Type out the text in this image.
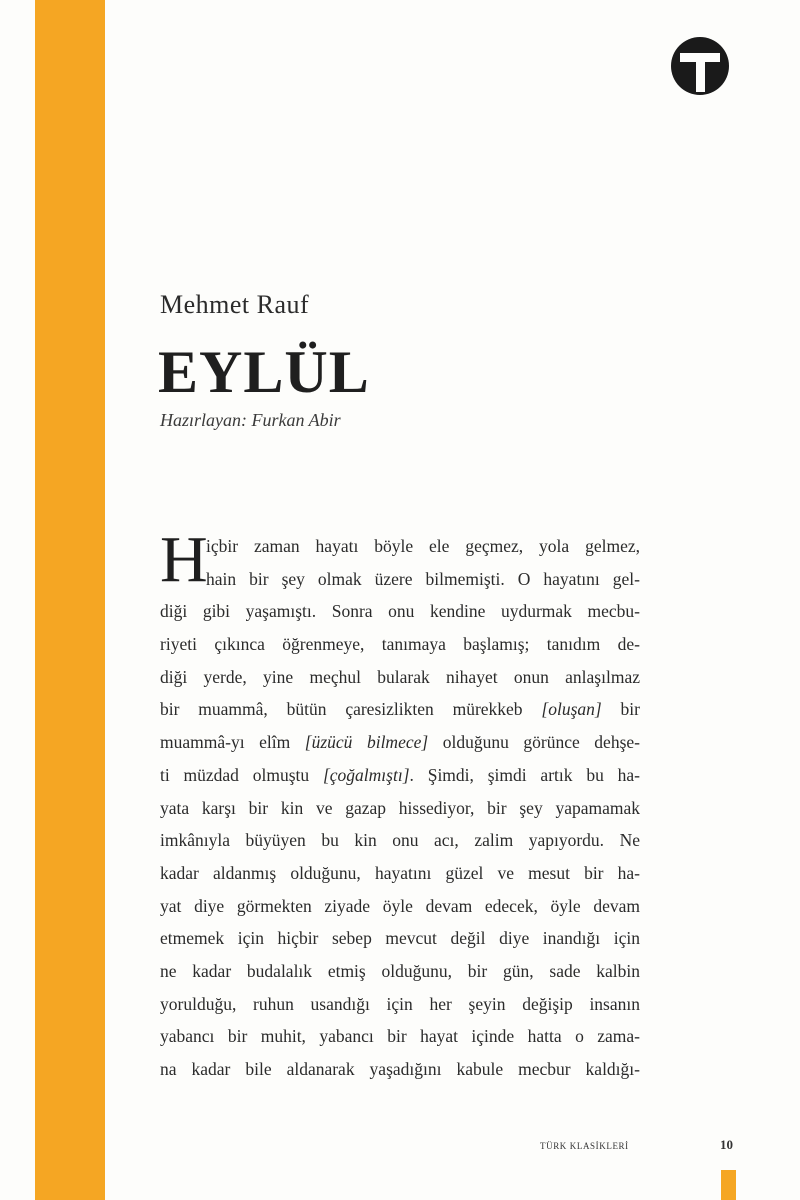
Mehmet Rauf
EYLÜL
Hazırlayan: Furkan Abir
H
içbir zaman hayatı böyle ele geçmez, yola gelmez,
hain bir şey olmak üzere bilmemişti. O hayatını gel-
diği gibi yaşamıştı. Sonra onu kendine uydurmak mecbu-
riyeti çıkınca öğrenmeye, tanımaya başlamış; tanıdım de-
diği yerde, yine meçhul bularak nihayet onun anlaşılmaz
bir muammâ, bütün çaresizlikten mürekkeb [oluşan] bir
muammâ-yı elîm [üzücü bilmece] olduğunu görünce dehşe-
ti müzdad olmuştu [çoğalmıştı]. Şimdi, şimdi artık bu ha-
yata karşı bir kin ve gazap hissediyor, bir şey yapamamak
imkânıyla büyüyen bu kin onu acı, zalim yapıyordu. Ne
kadar aldanmış olduğunu, hayatını güzel ve mesut bir ha-
yat diye görmekten ziyade öyle devam edecek, öyle devam
etmemek için hiçbir sebep mevcut değil diye inandığı için
ne kadar budalalık etmiş olduğunu, bir gün, sade kalbin
yorulduğu, ruhun usandığı için her şeyin değişip insanın
yabancı bir muhit, yabancı bir hayat içinde hatta o zama-
na kadar bile aldanarak yaşadığını kabule mecbur kaldığı-
TÜRK KLASİKLERİ	10
